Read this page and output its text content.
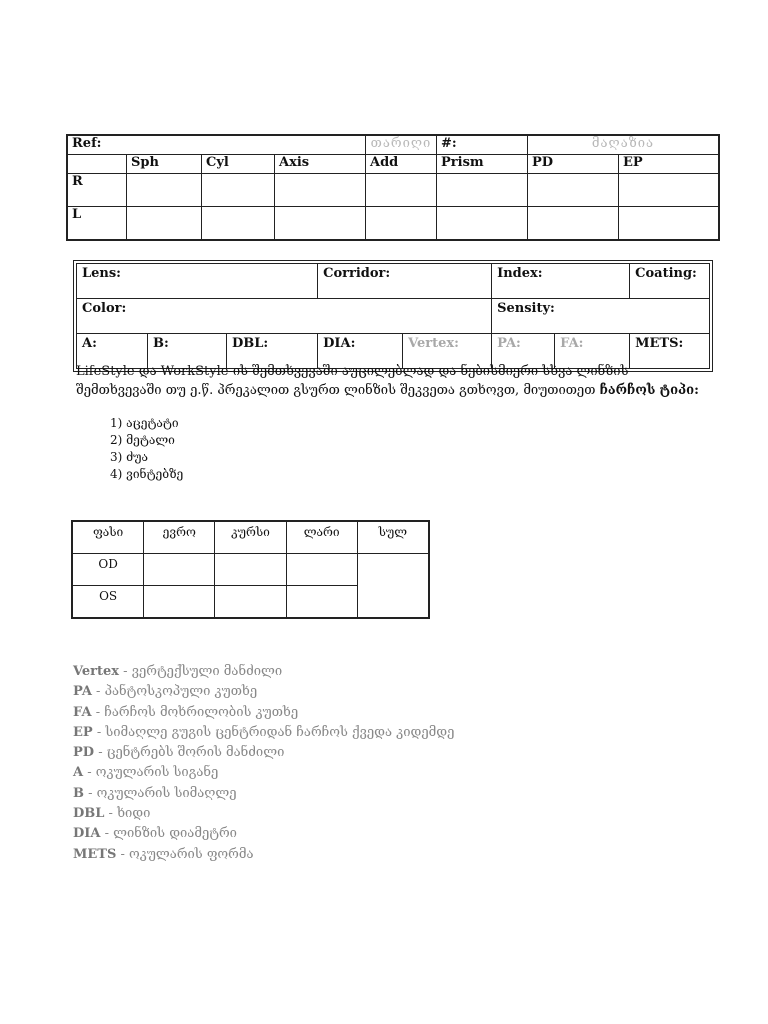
Ref:				თარიღი	#:	მაღაზია	
	Sph	Cyl	Axis	Add	Prism	PD	EP
R							
L							
Lens:			Corridor:		Index:		Coating:
Color:					Sensity:		
A:	B:	DBL:	DIA:	Vertex:	PA:	FA:	METS:
LifeStyle და WorkStyle-ის შემთხვევაში აუცილებლად და ნებისმიერი სხვა ლინზის შემთხვევაში თუ ე.წ. პრეკალით გსურთ ლინზის შეკვეთა გთხოვთ, მიუთითეთ ჩარჩოს ტიპი:
1) აცეტატი
2) მეტალი
3) ძუა
4) ვინტებზე
ფასი	ევრო	კურსი	ლარი	სულ
OD				
OS				
Vertex - ვერტექსული მანძილი
PA - პანტოსკოპული კუთხე
FA - ჩარჩოს მოხრილობის კუთხე
EP - სიმაღლე გუგის ცენტრიდან ჩარჩოს ქვედა კიდემდე
PD - ცენტრებს შორის მანძილი
A - ოკულარის სიგანე
B - ოკულარის სიმაღლე
DBL - ხიდი
DIA - ლინზის დიამეტრი
METS - ოკულარის ფორმა
